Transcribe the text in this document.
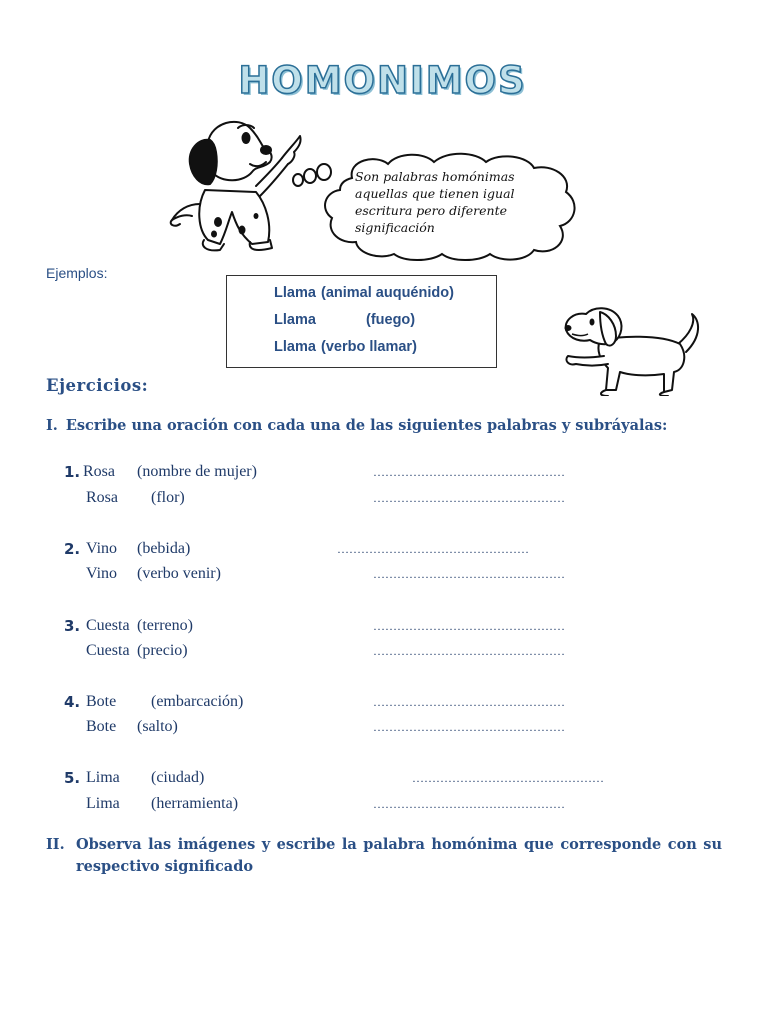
HOMONIMOS

Son palabras homónimas aquellas que tienen igual escritura pero diferente significación

Ejemplos:

Llama (animal auquénido)
Llama	(fuego)
Llama (verbo llamar)
Ejercicios:

I. Escribe una oración con cada una de las siguientes palabras y subráyalas:

1. Rosa (nombre de mujer)	…………………………………………
Rosa (flor)	…………………………………………
2. Vino (bebida)	…………………………………………
Vino (verbo venir)	…………………………………………
3. Cuesta (terreno)	…………………………………………
Cuesta (precio)	…………………………………………
4. Bote (embarcación)	…………………………………………
Bote (salto)	…………………………………………
5. Lima (ciudad)	…………………………………………
Lima (herramienta)	…………………………………………
II. Observa las imágenes y escribe la palabra homónima que corresponde con su respectivo significado
